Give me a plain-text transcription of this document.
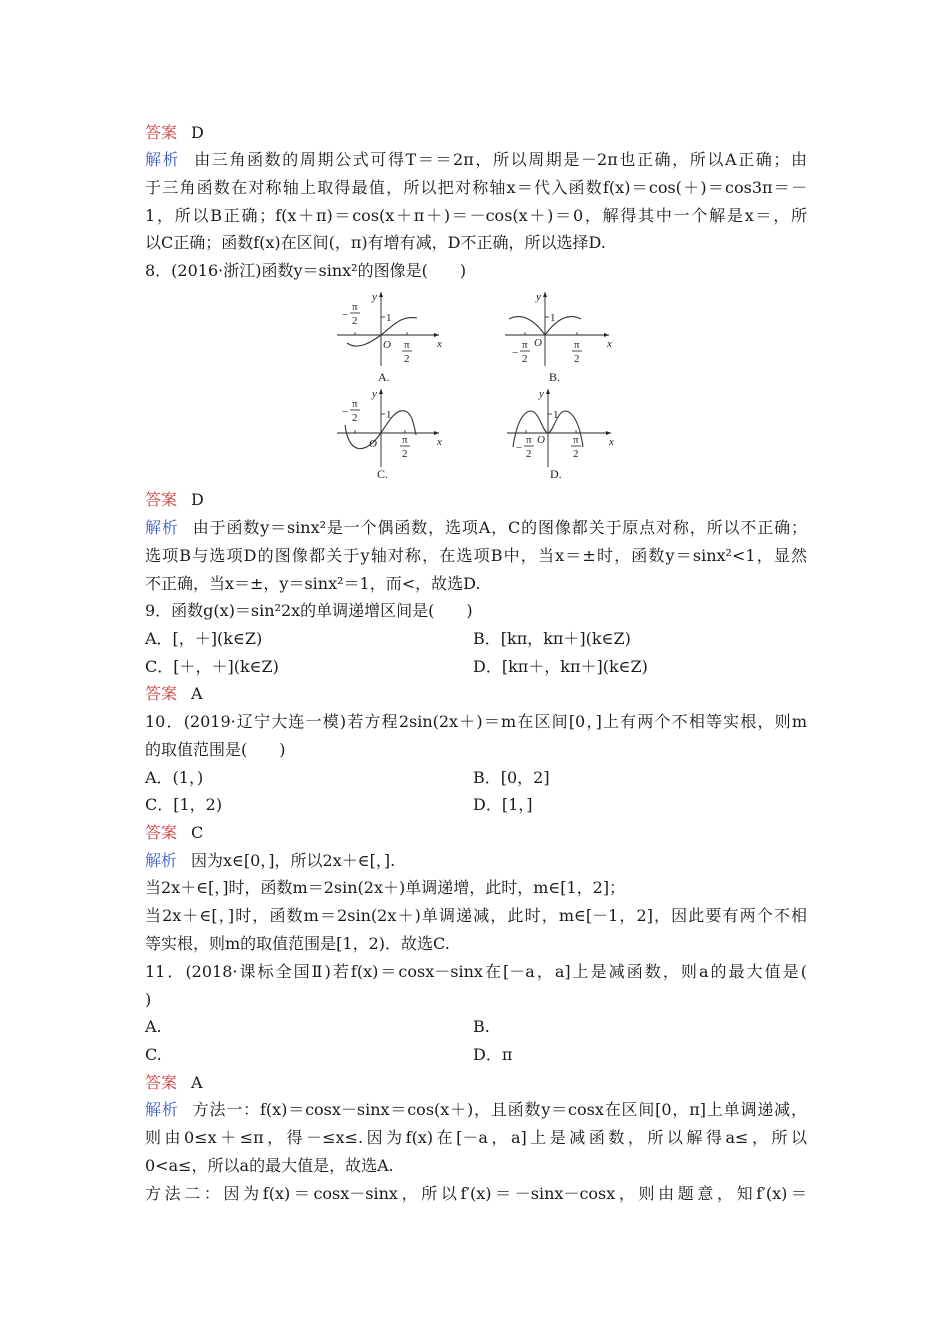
答案 D
解析 由三角函数的周期公式可得T＝＝2π，所以周期是－2π也正确，所以A正确；由
于三角函数在对称轴上取得最值，所以把对称轴x＝代入函数f(x)＝cos(＋)＝cos3π＝－
1，所以B正确；f(x＋π)＝cos(x＋π＋)＝－cos(x＋)＝0，解得其中一个解是x＝，所
以C正确；函数f(x)在区间(，π)有增有减，D不正确，所以选择D.
8．(2016·浙江)函数y＝sinx²的图像是(　　)
答案 D
解析 由于函数y＝sinx²是一个偶函数，选项A，C的图像都关于原点对称，所以不正确；
选项B与选项D的图像都关于y轴对称，在选项B中，当x＝±时，函数y＝sinx²<1，显然
不正确，当x＝±，y＝sinx²＝1，而<，故选D.
9．函数g(x)＝sin²2x的单调递增区间是(　　)
A．[，＋](k∈Z)	B．[kπ，kπ＋](k∈Z)
C．[＋，＋](k∈Z)	D．[kπ＋，kπ＋](k∈Z)
答案 A
10．(2019·辽宁大连一模)若方程2sin(2x＋)＝m在区间[0，]上有两个不相等实根，则m
的取值范围是(　　)
A．(1，)	B．[0，2]
C．[1，2)	D．[1，]
答案 C
解析 因为x∈[0，]，所以2x＋∈[，].
当2x＋∈[，]时，函数m＝2sin(2x＋)单调递增，此时，m∈[1，2]；
当2x＋∈[，]时，函数m＝2sin(2x＋)单调递减，此时，m∈[－1，2]，因此要有两个不相
等实根，则m的取值范围是[1，2)．故选C.
11．(2018·课标全国Ⅱ)若f(x)＝cosx－sinx在[－a，a]上是减函数，则a的最大值是(
)
A.	B.
C.	D．π
答案 A
解析 方法一：f(x)＝cosx－sinx＝cos(x＋)，且函数y＝cosx在区间[0，π]上单调递减，
则由0≤x＋≤π，得－≤x≤.因为f(x)在[－a，a]上是减函数，所以解得a≤，所以
0<a≤，所以a的最大值是，故选A.
方法二：因为f(x)＝cosx－sinx，所以f′(x)＝－sinx－cosx，则由题意，知f′(x)＝
x
y
1
−
π
2
π
2
O	x
y
1
−
π
2
π
2
O
x
y
1
−
π
2
π
2
O	x
y
1
−
π
2
π
2
O
A.	B.
C.	D.
